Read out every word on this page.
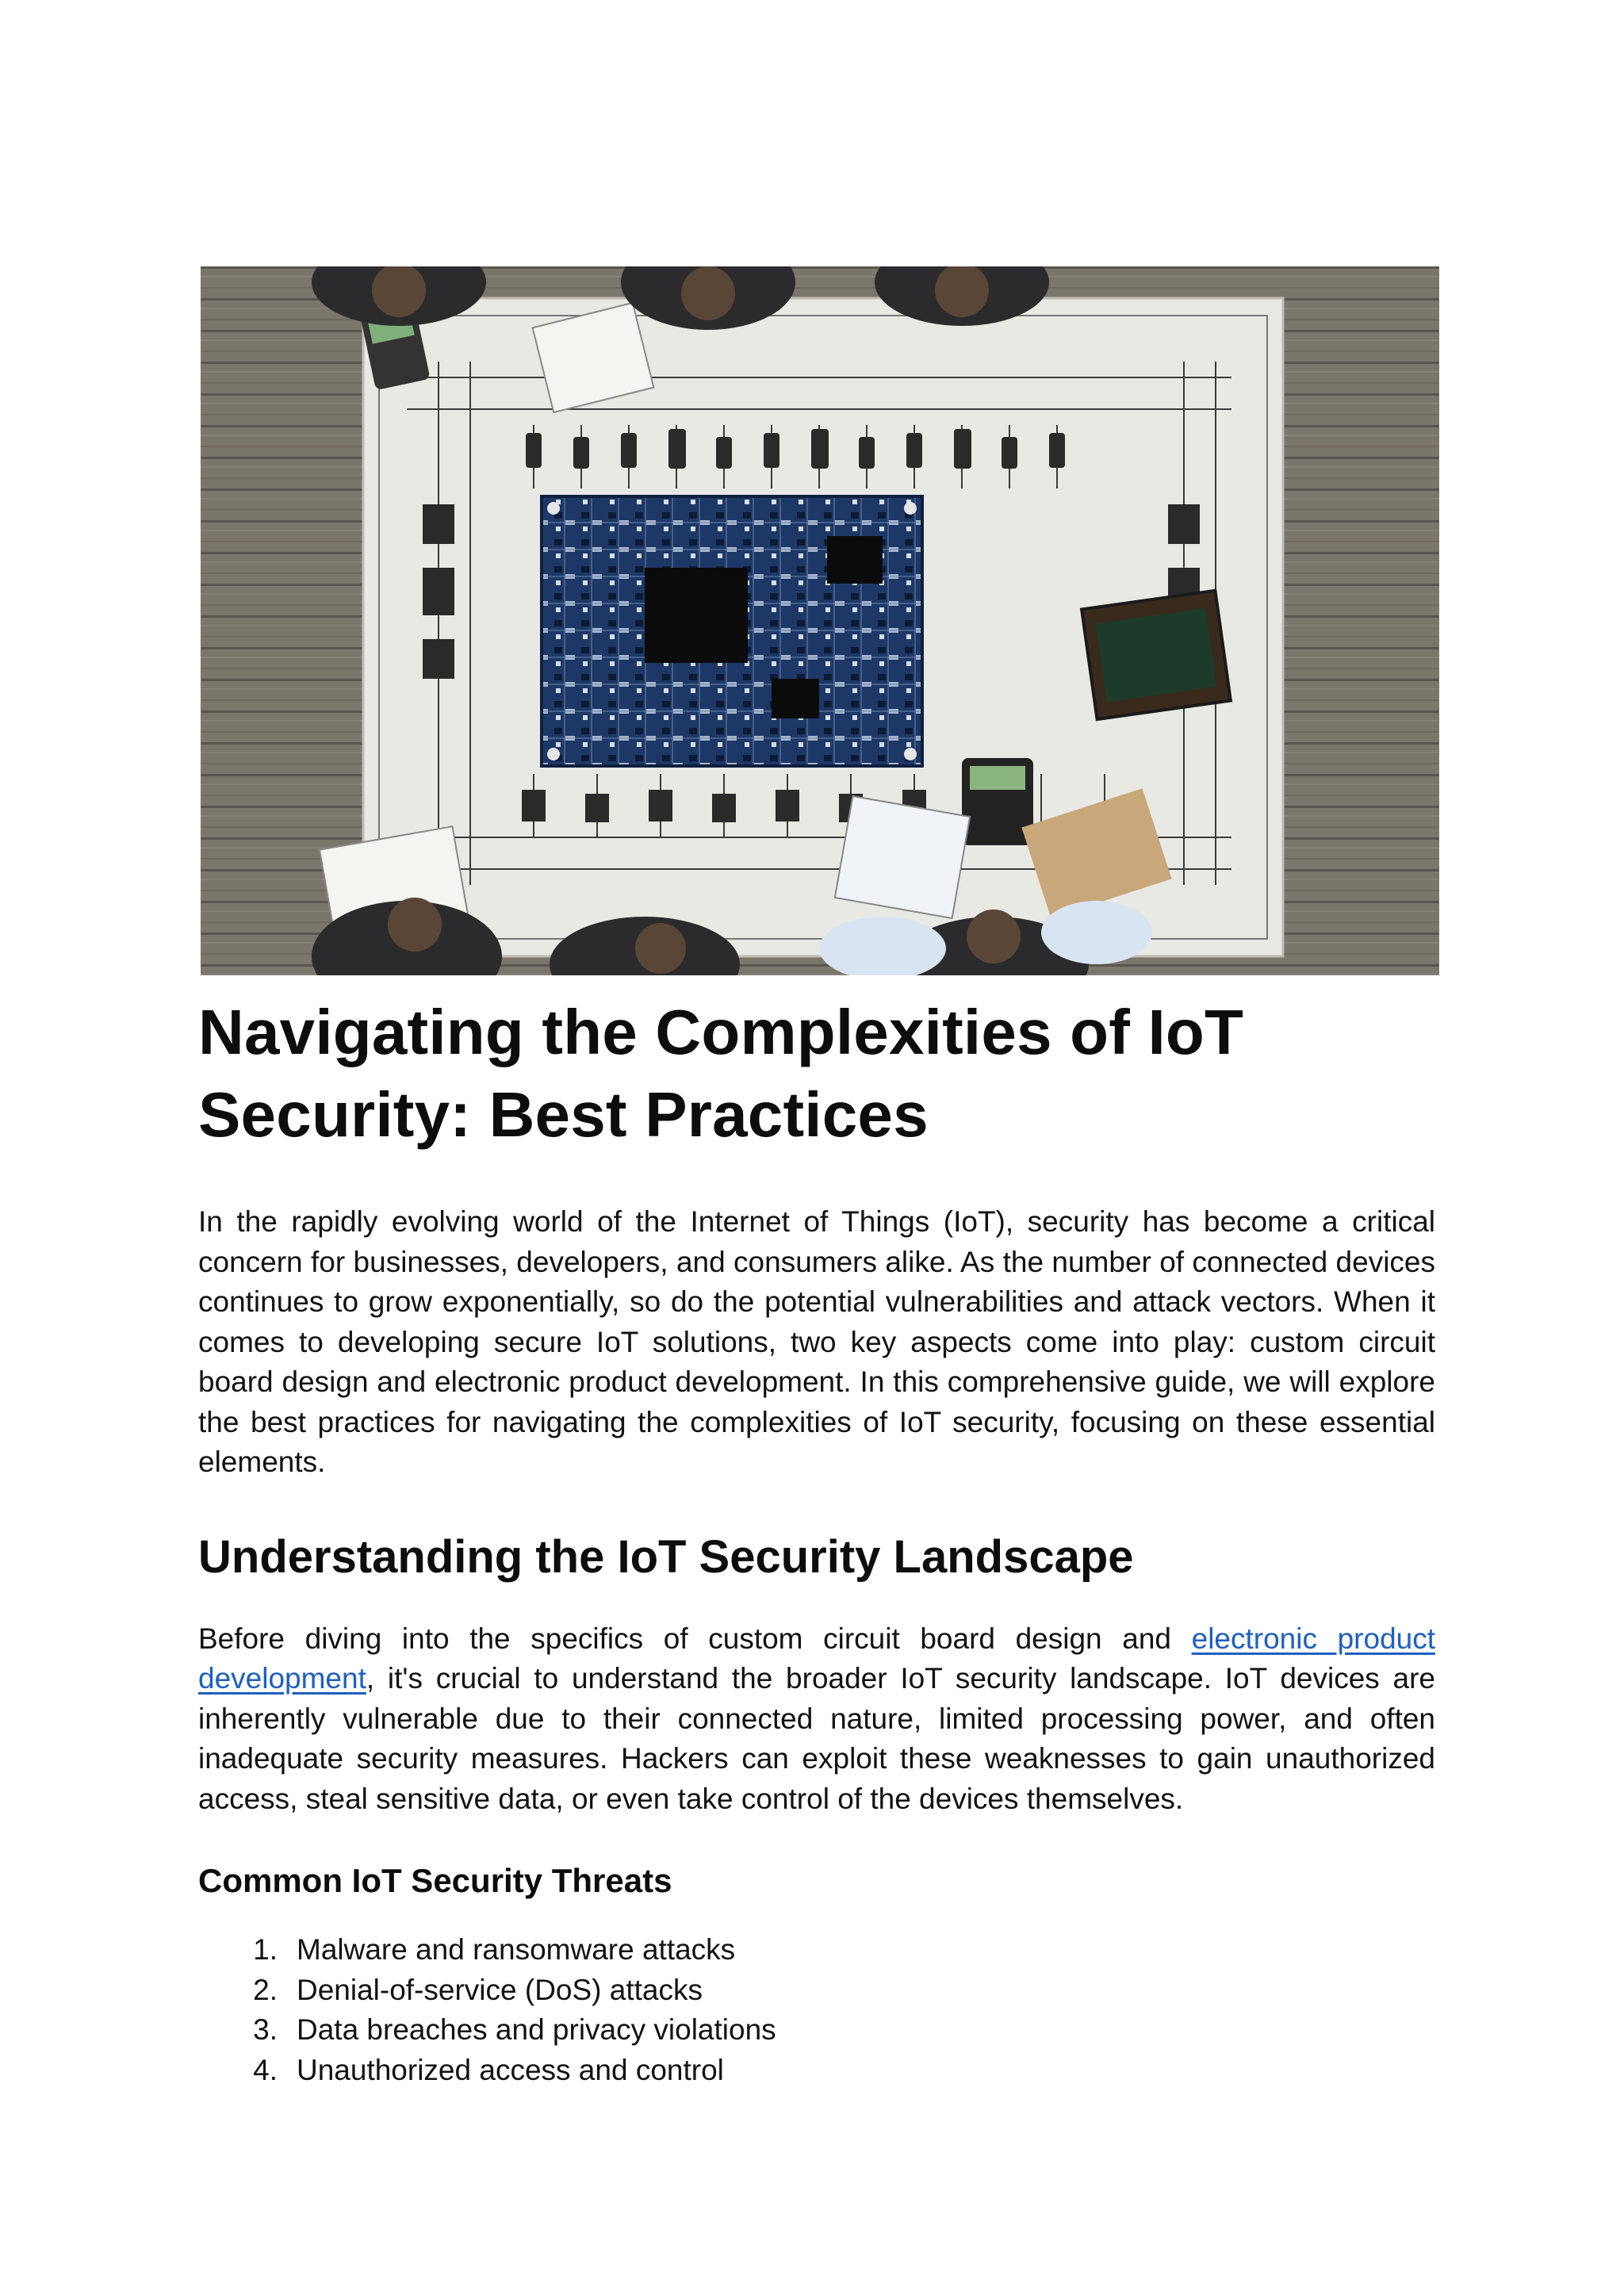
Navigating the Complexities of IoT Security: Best Practices

In the rapidly evolving world of the Internet of Things (IoT), security has become a critical concern for businesses, developers, and consumers alike. As the number of connected devices continues to grow exponentially, so do the potential vulnerabilities and attack vectors. When it comes to developing secure IoT solutions, two key aspects come into play: custom circuit board design and electronic product development. In this comprehensive guide, we will explore the best practices for navigating the complexities of IoT security, focusing on these essential elements.

Understanding the IoT Security Landscape

Before diving into the specifics of custom circuit board design and electronic product development, it's crucial to understand the broader IoT security landscape. IoT devices are inherently vulnerable due to their connected nature, limited processing power, and often inadequate security measures. Hackers can exploit these weaknesses to gain unauthorized access, steal sensitive data, or even take control of the devices themselves.

Common IoT Security Threats
1. Malware and ransomware attacks
2. Denial-of-service (DoS) attacks
3. Data breaches and privacy violations
4. Unauthorized access and control
